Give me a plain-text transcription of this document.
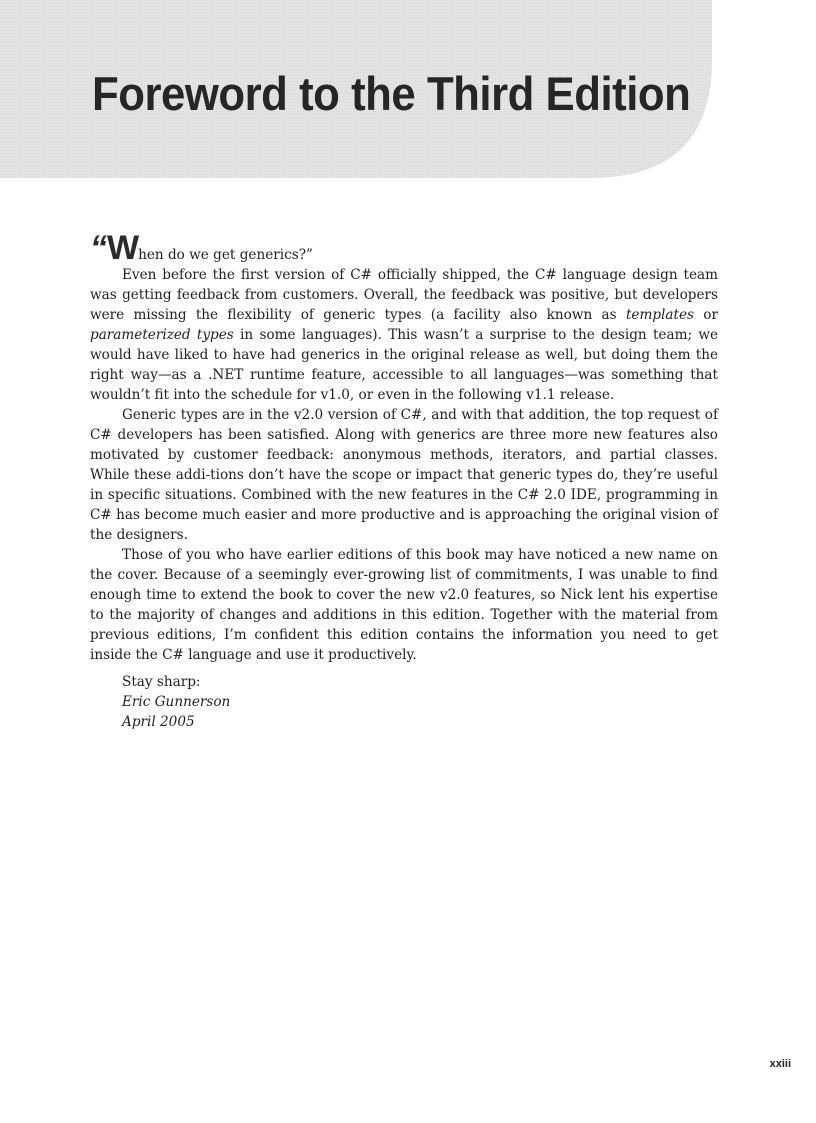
Foreword to the Third Edition

“When do we get generics?”

Even before the first version of C# officially shipped, the C# language design team was getting feedback from customers. Overall, the feedback was positive, but developers were missing the flexibility of generic types (a facility also known as templates or parameterized types in some languages). This wasn’t a surprise to the design team; we would have liked to have had generics in the original release as well, but doing them the right way—as a .NET runtime feature, accessible to all languages—was something that wouldn’t fit into the schedule for v1.0, or even in the following v1.1 release.

Generic types are in the v2.0 version of C#, and with that addition, the top request of C# developers has been satisfied. Along with generics are three more new features also motivated by customer feedback: anonymous methods, iterators, and partial classes. While these addi-tions don’t have the scope or impact that generic types do, they’re useful in specific situations. Combined with the new features in the C# 2.0 IDE, programming in C# has become much easier and more productive and is approaching the original vision of the designers.

Those of you who have earlier editions of this book may have noticed a new name on the cover. Because of a seemingly ever-growing list of commitments, I was unable to find enough time to extend the book to cover the new v2.0 features, so Nick lent his expertise to the majority of changes and additions in this edition. Together with the material from previous editions, I’m confident this edition contains the information you need to get inside the C# language and use it productively.

Stay sharp:
Eric Gunnerson
April 2005
xxiii
